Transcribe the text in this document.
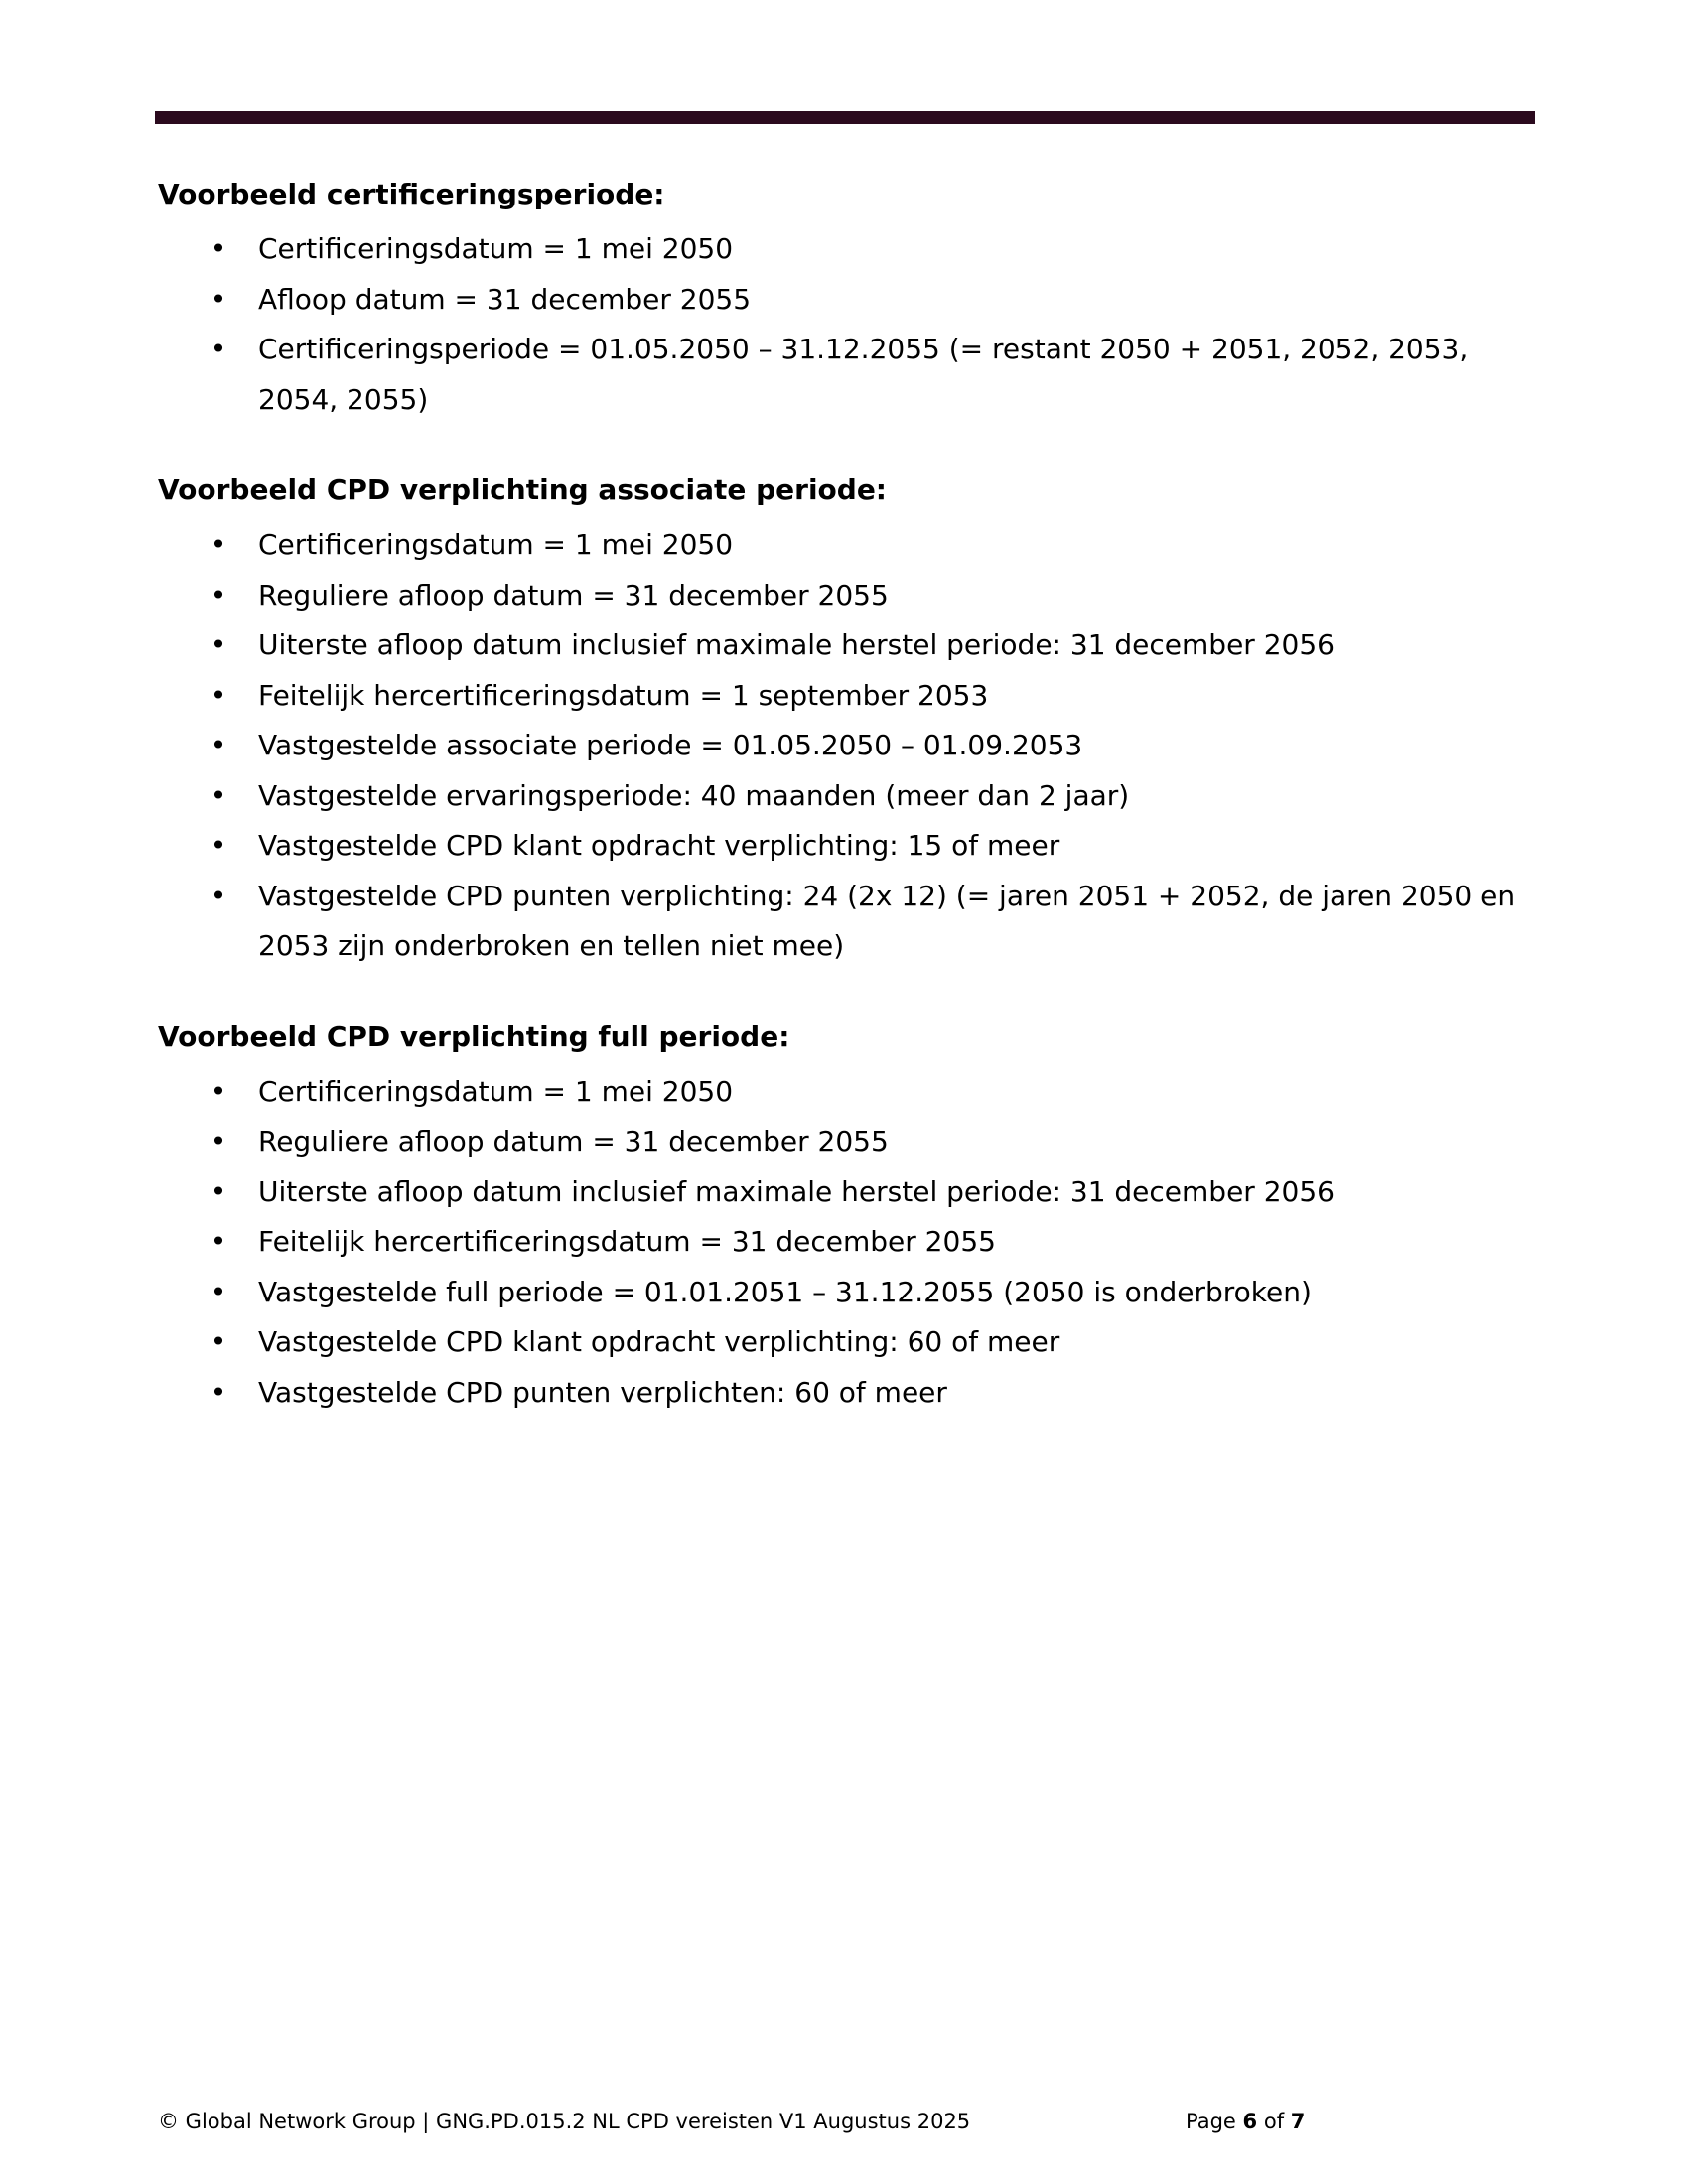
Voorbeeld certificeringsperiode:
• Certificeringsdatum = 1 mei 2050
• Afloop datum = 31 december 2055
• Certificeringsperiode = 01.05.2050 – 31.12.2055 (= restant 2050 + 2051, 2052, 2053, 2054, 2055)
Voorbeeld CPD verplichting associate periode:
• Certificeringsdatum = 1 mei 2050
• Reguliere afloop datum = 31 december 2055
• Uiterste afloop datum inclusief maximale herstel periode: 31 december 2056
• Feitelijk hercertificeringsdatum = 1 september 2053
• Vastgestelde associate periode = 01.05.2050 – 01.09.2053
• Vastgestelde ervaringsperiode: 40 maanden (meer dan 2 jaar)
• Vastgestelde CPD klant opdracht verplichting: 15 of meer
• Vastgestelde CPD punten verplichting: 24 (2x 12) (= jaren 2051 + 2052, de jaren 2050 en 2053 zijn onderbroken en tellen niet mee)
Voorbeeld CPD verplichting full periode:
• Certificeringsdatum = 1 mei 2050
• Reguliere afloop datum = 31 december 2055
• Uiterste afloop datum inclusief maximale herstel periode: 31 december 2056
• Feitelijk hercertificeringsdatum = 31 december 2055
• Vastgestelde full periode = 01.01.2051 – 31.12.2055 (2050 is onderbroken)
• Vastgestelde CPD klant opdracht verplichting: 60 of meer
• Vastgestelde CPD punten verplichten: 60 of meer
© Global Network Group | GNG.PD.015.2 NL CPD vereisten V1 Augustus 2025	Page 6 of 7
